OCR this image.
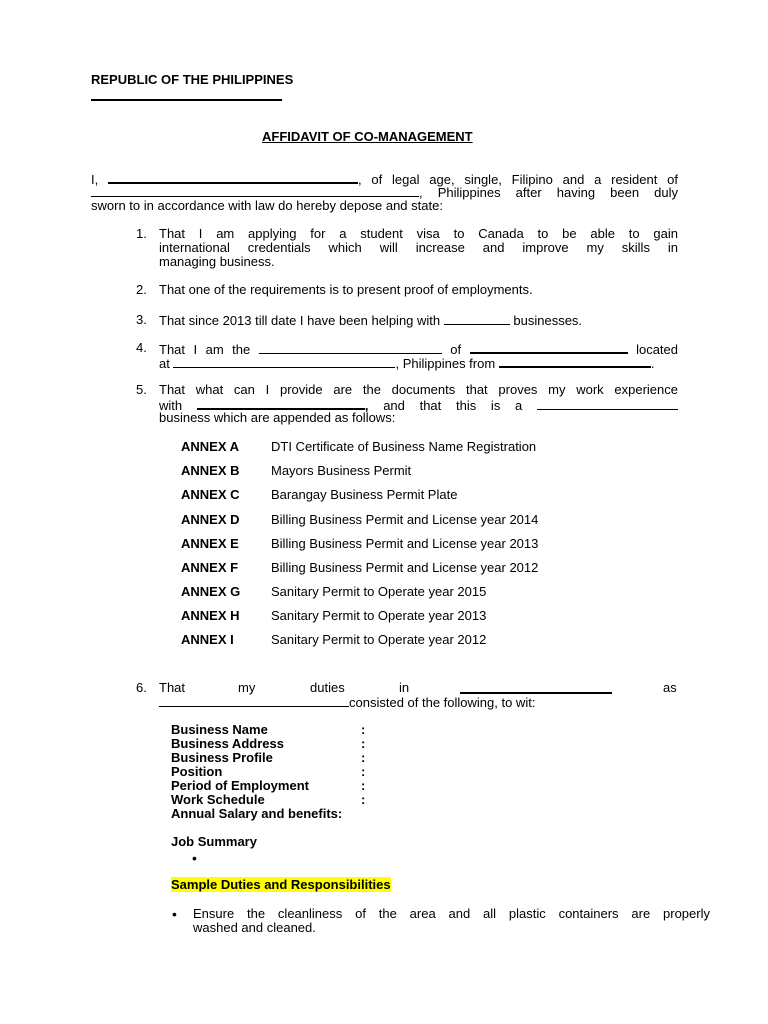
REPUBLIC OF THE PHILIPPINES
AFFIDAVIT OF CO-MANAGEMENT
I,	, of legal age, single, Filipino and a resident of
, Philippines after having been duly
sworn to in accordance with law do hereby depose and state:
1. That I am applying for a student visa to Canada to be able to gain
international credentials which will increase and improve my skills in
managing business.
2. That one of the requirements is to present proof of employments.
3. That since 2013 till date I have been helping with	businesses.
4. That I am the	of	located
at	, Philippines from	.
5. That what can I provide are the documents that proves my work experience
with	, and that this is a
business which are appended as follows:
ANNEX A DTI Certificate of Business Name Registration
ANNEX B Mayors Business Permit
ANNEX C Barangay Business Permit Plate
ANNEX D Billing Business Permit and License year 2014
ANNEX E Billing Business Permit and License year 2013
ANNEX F	Billing Business Permit and License year 2012
ANNEX G Sanitary Permit to Operate year 2015
ANNEX H Sanitary Permit to Operate year 2013
ANNEX I	Sanitary Permit to Operate year 2012
6. That	my	duties	in	as
consisted of the following, to wit:
Business Name	:
Business Address	:
Business Profile	:
Position	:
Period of Employment	:
Work Schedule	:
Annual Salary and benefits:
Job Summary
•
Sample Duties and Responsibilities
• Ensure the cleanliness of the area and all plastic containers are properly
washed and cleaned.
